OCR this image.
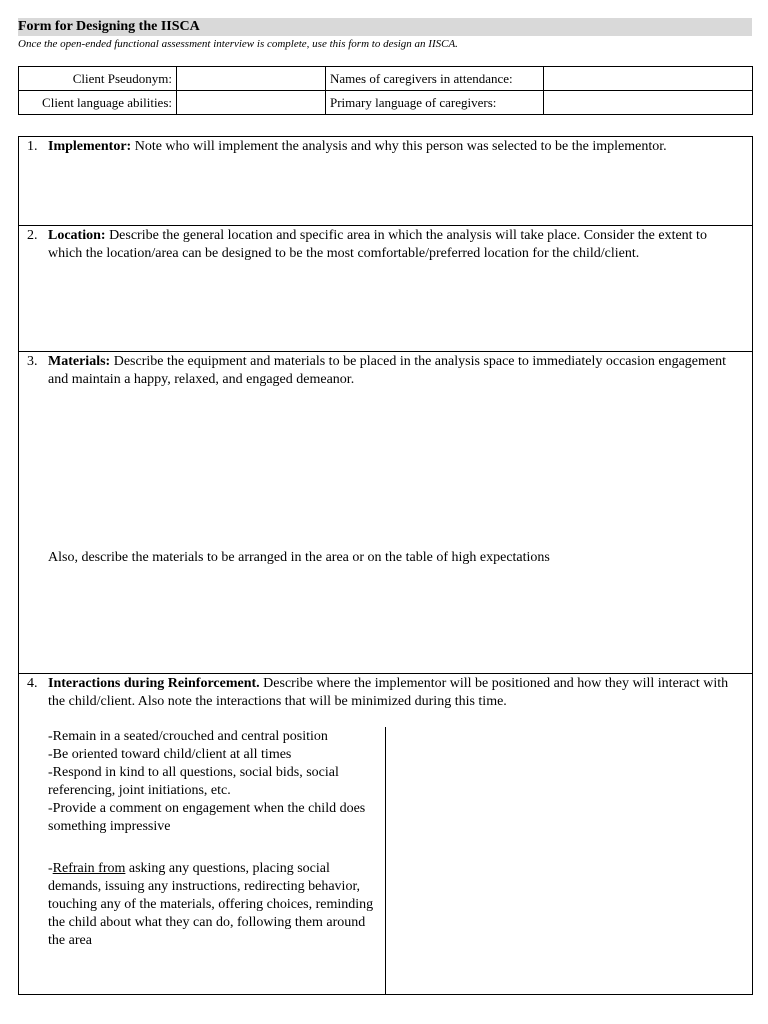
Form for Designing the IISCA
Once the open-ended functional assessment interview is complete, use this form to design an IISCA.
Client Pseudonym:		Names of caregivers in attendance:	
Client language abilities:		Primary language of caregivers:	
1. Implementor: Note who will implement the analysis and why this person was selected to be the implementor.
2. Location: Describe the general location and specific area in which the analysis will take place. Consider the extent to which the location/area can be designed to be the most comfortable/preferred location for the child/client.
3. Materials: Describe the equipment and materials to be placed in the analysis space to immediately occasion engagement and maintain a happy, relaxed, and engaged demeanor.
Also, describe the materials to be arranged in the area or on the table of high expectations
4. Interactions during Reinforcement. Describe where the implementor will be positioned and how they will interact with the child/client. Also note the interactions that will be minimized during this time.
-Remain in a seated/crouched and central position
-Be oriented toward child/client at all times
-Respond in kind to all questions, social bids, social referencing, joint initiations, etc.
-Provide a comment on engagement when the child does something impressive
-Refrain from asking any questions, placing social demands, issuing any instructions, redirecting behavior, touching any of the materials, offering choices, reminding the child about what they can do, following them around the area
